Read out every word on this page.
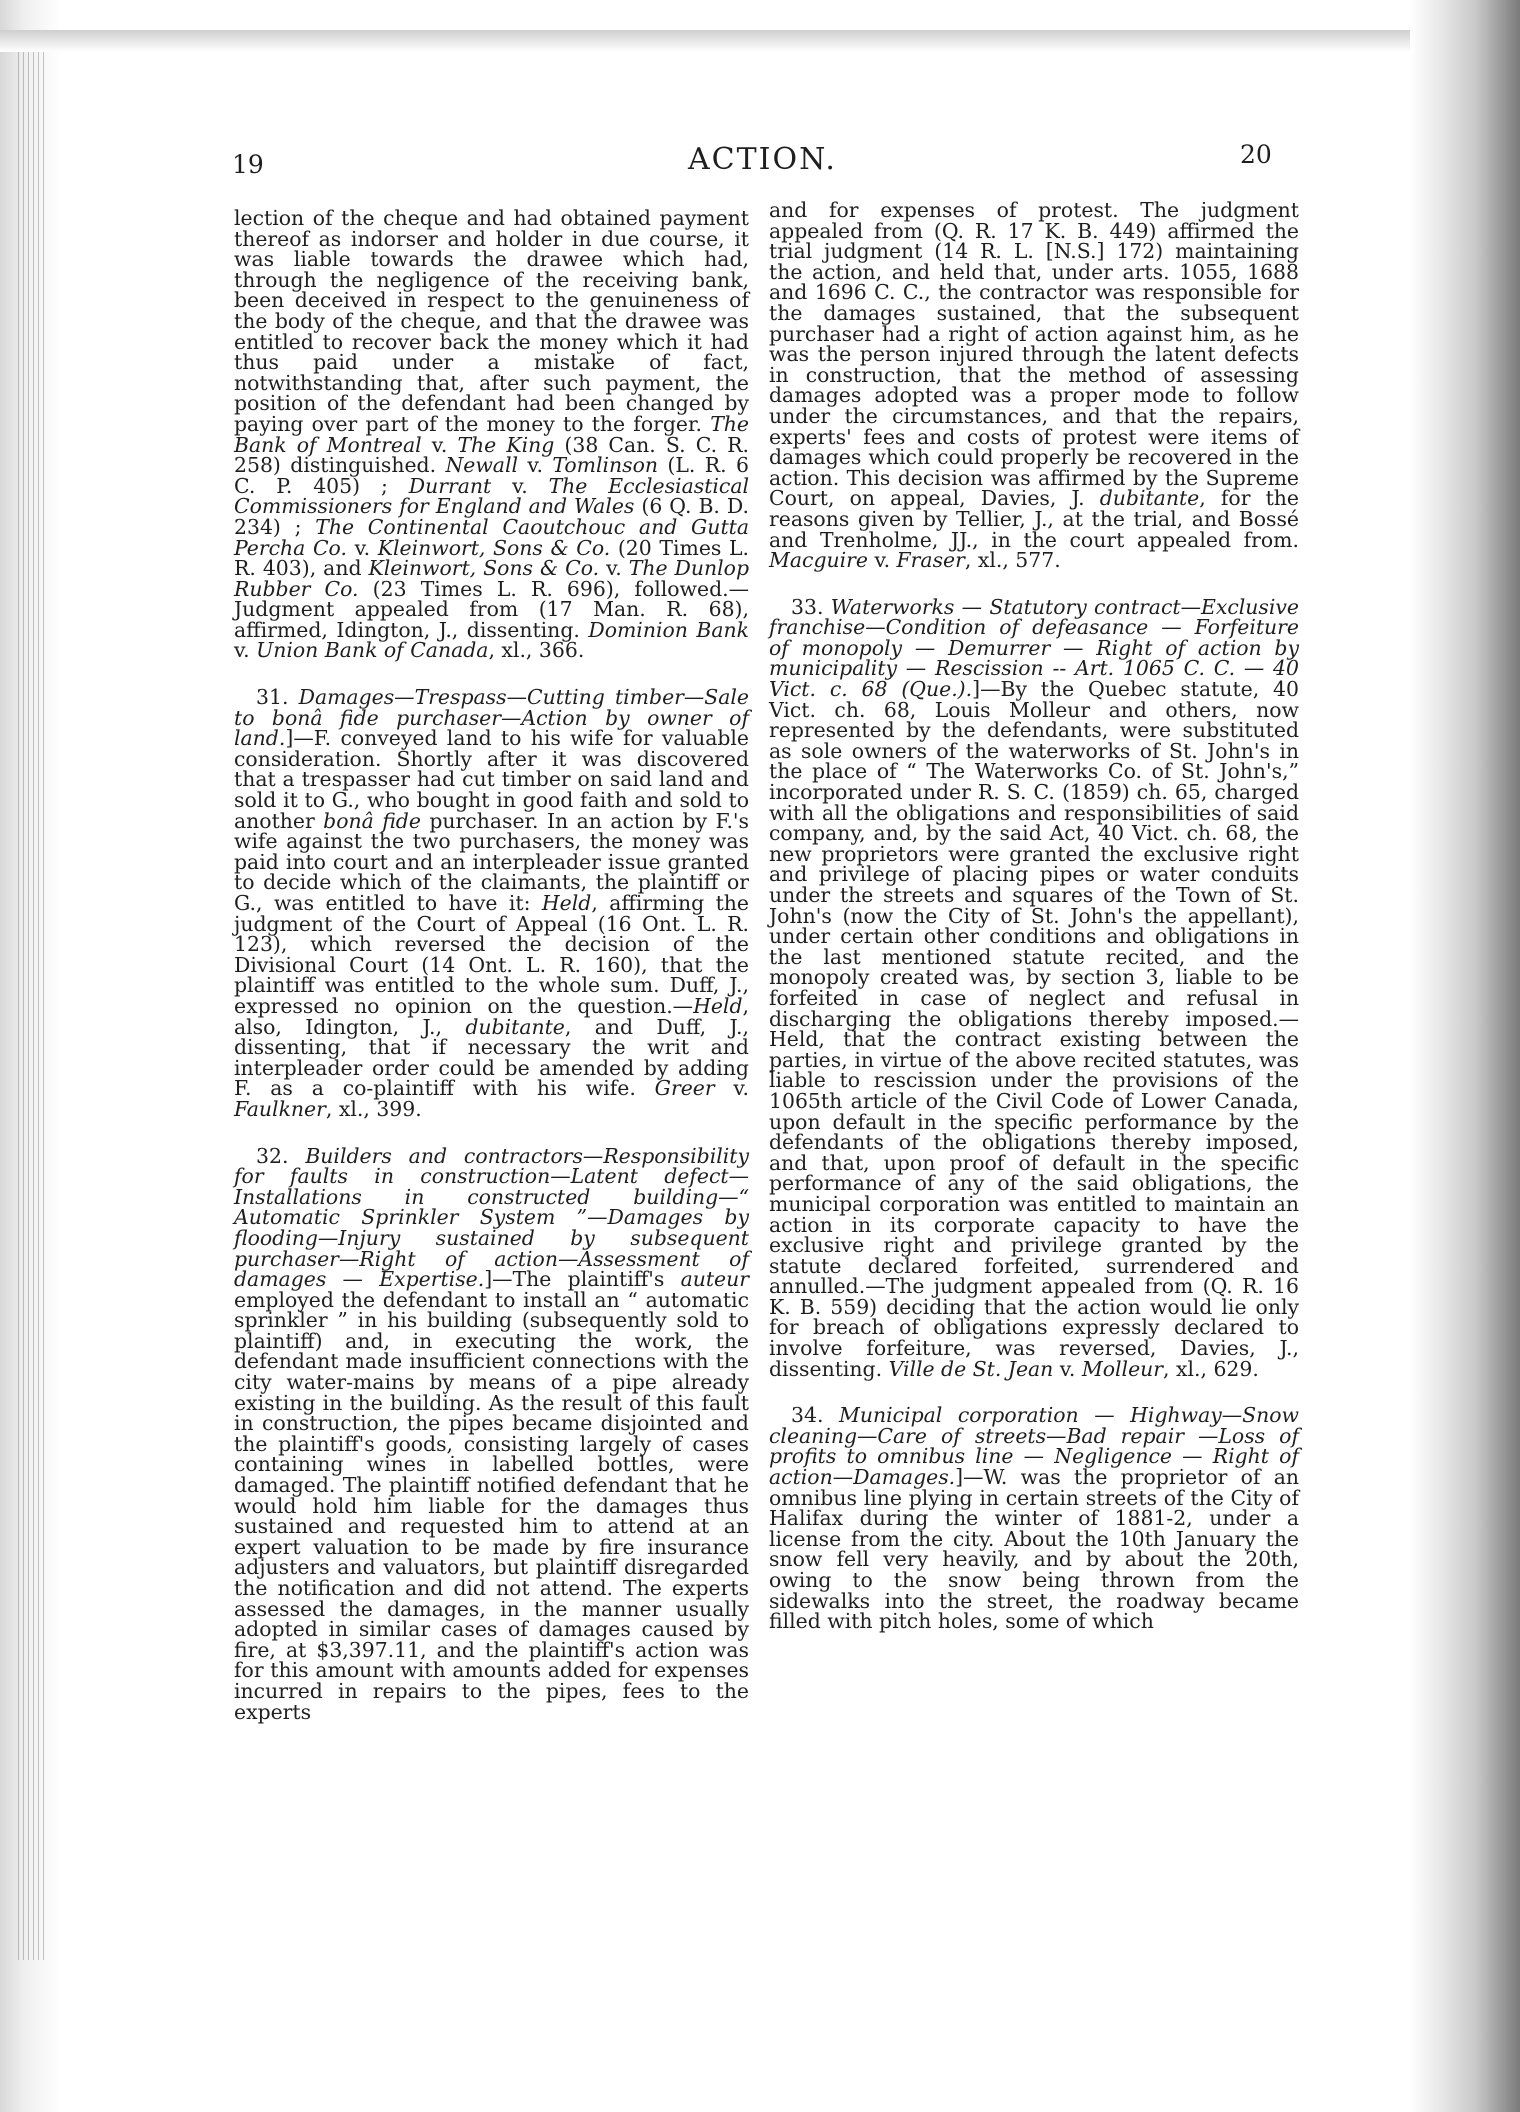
19	ACTION.	20

lection of the cheque and had obtained payment thereof as indorser and holder in due course, it was liable towards the drawee which had, through the negligence of the receiving bank, been deceived in respect to the genuineness of the body of the cheque, and that the drawee was entitled to recover back the money which it had thus paid under a mistake of fact, notwithstanding that, after such payment, the position of the defendant had been changed by paying over part of the money to the forger. The Bank of Montreal v. The King (38 Can. S. C. R. 258) distinguished. Newall v. Tomlinson (L. R. 6 C. P. 405) ; Durrant v. The Ecclesiastical Commissioners for England and Wales (6 Q. B. D. 234) ; The Continental Caoutchouc and Gutta Percha Co. v. Kleinwort, Sons & Co. (20 Times L. R. 403), and Kleinwort, Sons & Co. v. The Dunlop Rubber Co. (23 Times L. R. 696), followed.—Judgment appealed from (17 Man. R. 68), affirmed, Idington, J., dissenting. Dominion Bank v. Union Bank of Canada, xl., 366.

31. Damages—Trespass—Cutting timber—Sale to bonâ fide purchaser—Action by owner of land.]—F. conveyed land to his wife for valuable consideration. Shortly after it was discovered that a trespasser had cut timber on said land and sold it to G., who bought in good faith and sold to another bonâ fide purchaser. In an action by F.'s wife against the two purchasers, the money was paid into court and an interpleader issue granted to decide which of the claimants, the plaintiff or G., was entitled to have it: Held, affirming the judgment of the Court of Appeal (16 Ont. L. R. 123), which reversed the decision of the Divisional Court (14 Ont. L. R. 160), that the plaintiff was entitled to the whole sum. Duff, J., expressed no opinion on the question.—Held, also, Idington, J., dubitante, and Duff, J., dissenting, that if necessary the writ and interpleader order could be amended by adding F. as a co-plaintiff with his wife. Greer v. Faulkner, xl., 399.

32. Builders and contractors—Responsibility for faults in construction—Latent defect—Installations in constructed building—“ Automatic Sprinkler System ”—Damages by flooding—Injury sustained by subsequent purchaser—Right of action—Assessment of damages — Expertise.]—The plaintiff's auteur employed the defendant to install an “ automatic sprinkler ” in his building (subsequently sold to plaintiff) and, in executing the work, the defendant made insufficient connections with the city water-mains by means of a pipe already existing in the building. As the result of this fault in construction, the pipes became disjointed and the plaintiff's goods, consisting largely of cases containing wines in labelled bottles, were damaged. The plaintiff notified defendant that he would hold him liable for the damages thus sustained and requested him to attend at an expert valuation to be made by fire insurance adjusters and valuators, but plaintiff disregarded the notification and did not attend. The experts assessed the damages, in the manner usually adopted in similar cases of damages caused by fire, at $3,397.11, and the plaintiff's action was for this amount with amounts added for expenses incurred in repairs to the pipes, fees to the experts

and for expenses of protest. The judgment appealed from (Q. R. 17 K. B. 449) affirmed the trial judgment (14 R. L. [N.S.] 172) maintaining the action, and held that, under arts. 1055, 1688 and 1696 C. C., the contractor was responsible for the damages sustained, that the subsequent purchaser had a right of action against him, as he was the person injured through the latent defects in construction, that the method of assessing damages adopted was a proper mode to follow under the circumstances, and that the repairs, experts' fees and costs of protest were items of damages which could properly be recovered in the action. This decision was affirmed by the Supreme Court, on appeal, Davies, J. dubitante, for the reasons given by Tellier, J., at the trial, and Bossé and Trenholme, JJ., in the court appealed from. Macguire v. Fraser, xl., 577.

33. Waterworks — Statutory contract—Exclusive franchise—Condition of defeasance — Forfeiture of monopoly — Demurrer — Right of action by municipality — Rescission -- Art. 1065 C. C. — 40 Vict. c. 68 (Que.).]—By the Quebec statute, 40 Vict. ch. 68, Louis Molleur and others, now represented by the defendants, were substituted as sole owners of the waterworks of St. John's in the place of “ The Waterworks Co. of St. John's,” incorporated under R. S. C. (1859) ch. 65, charged with all the obligations and responsibilities of said company, and, by the said Act, 40 Vict. ch. 68, the new proprietors were granted the exclusive right and privilege of placing pipes or water conduits under the streets and squares of the Town of St. John's (now the City of St. John's the appellant), under certain other conditions and obligations in the last mentioned statute recited, and the monopoly created was, by section 3, liable to be forfeited in case of neglect and refusal in discharging the obligations thereby imposed.—Held, that the contract existing between the parties, in virtue of the above recited statutes, was liable to rescission under the provisions of the 1065th article of the Civil Code of Lower Canada, upon default in the specific performance by the defendants of the obligations thereby imposed, and that, upon proof of default in the specific performance of any of the said obligations, the municipal corporation was entitled to maintain an action in its corporate capacity to have the exclusive right and privilege granted by the statute declared forfeited, surrendered and annulled.—The judgment appealed from (Q. R. 16 K. B. 559) deciding that the action would lie only for breach of obligations expressly declared to involve forfeiture, was reversed, Davies, J., dissenting. Ville de St. Jean v. Molleur, xl., 629.

34. Municipal corporation — Highway—Snow cleaning—Care of streets—Bad repair —Loss of profits to omnibus line — Negligence — Right of action—Damages.]—W. was the proprietor of an omnibus line plying in certain streets of the City of Halifax during the winter of 1881-2, under a license from the city. About the 10th January the snow fell very heavily, and by about the 20th, owing to the snow being thrown from the sidewalks into the street, the roadway became filled with pitch holes, some of which
